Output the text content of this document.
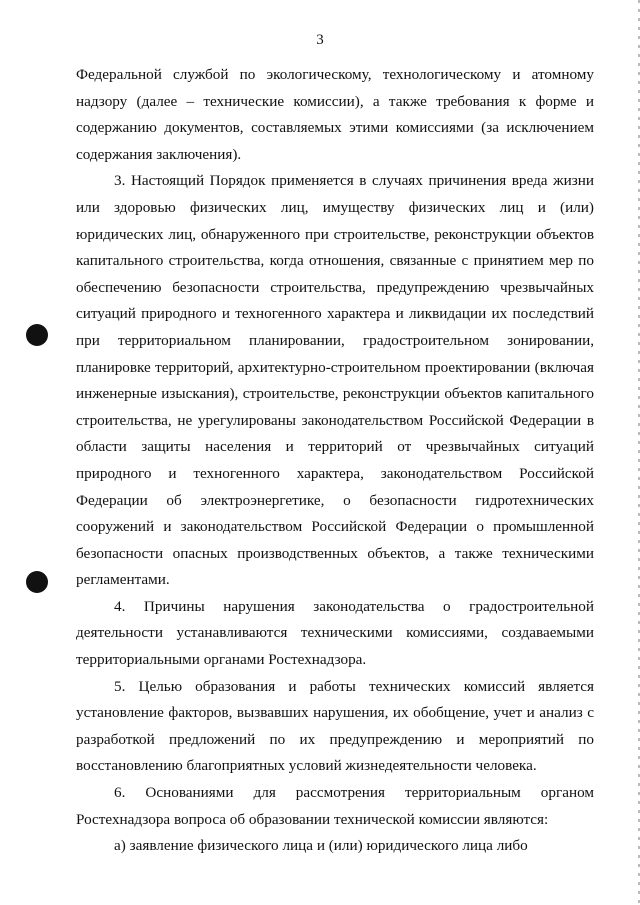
3

Федеральной службой по экологическому, технологическому и атомному надзору (далее – технические комиссии), а также требования к форме и содержанию документов, составляемых этими комиссиями (за исключением содержания заключения).

3. Настоящий Порядок применяется в случаях причинения вреда жизни или здоровью физических лиц, имуществу физических лиц и (или) юридических лиц, обнаруженного при строительстве, реконструкции объектов капитального строительства, когда отношения, связанные с принятием мер по обеспечению безопасности строительства, предупреждению чрезвычайных ситуаций природного и техногенного характера и ликвидации их последствий при территориальном планировании, градостроительном зонировании, планировке территорий, архитектурно-строительном проектировании (включая инженерные изыскания), строительстве, реконструкции объектов капитального строительства, не урегулированы законодательством Российской Федерации в области защиты населения и территорий от чрезвычайных ситуаций природного и техногенного характера, законодательством Российской Федерации об электроэнергетике, о безопасности гидротехнических сооружений и законодательством Российской Федерации о промышленной безопасности опасных производственных объектов, а также техническими регламентами.

4. Причины нарушения законодательства о градостроительной деятельности устанавливаются техническими комиссиями, создаваемыми территориальными органами Ростехнадзора.

5. Целью образования и работы технических комиссий является установление факторов, вызвавших нарушения, их обобщение, учет и анализ с разработкой предложений по их предупреждению и мероприятий по восстановлению благоприятных условий жизнедеятельности человека.

6. Основаниями для рассмотрения территориальным органом Ростехнадзора вопроса об образовании технической комиссии являются:

а) заявление физического лица и (или) юридического лица либо
